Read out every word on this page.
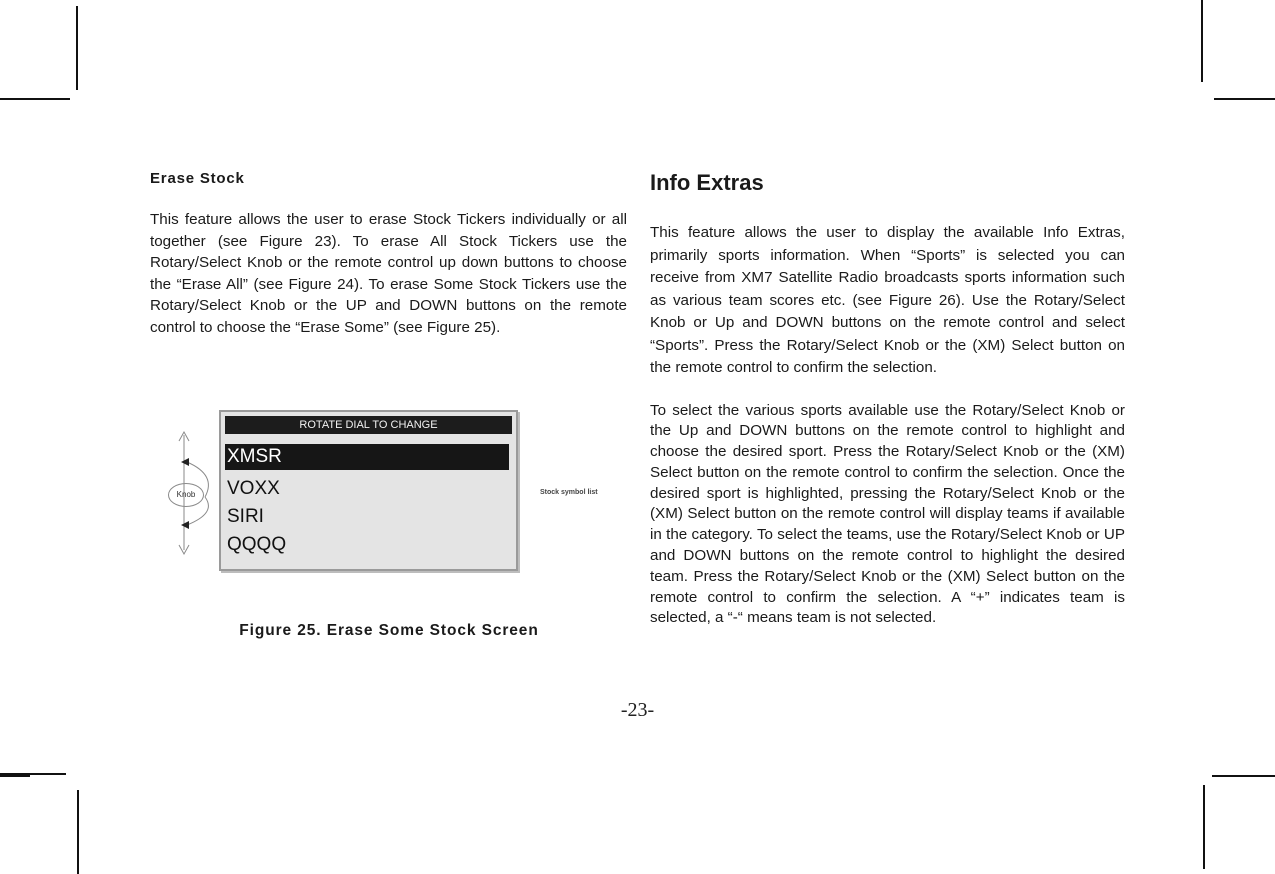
Erase Stock

This feature allows the user to erase Stock Tickers individually or all together (see Figure 23). To erase All Stock Tickers use the Rotary/Select Knob or the remote control up down buttons to choose the “Erase All” (see Figure 24). To erase Some Stock Tickers use the Rotary/Select Knob or the UP and DOWN buttons on the remote control to choose the “Erase Some” (see Figure 25).

Knob
ROTATE DIAL TO CHANGE
XMSR
VOXX
SIRI
QQQQ
Stock symbol list
Figure 25. Erase Some Stock Screen
Info Extras

This feature allows the user to display the available Info Extras, primarily sports information. When “Sports” is selected you can receive from XM7 Satellite Radio broadcasts sports information such as various team scores etc. (see Figure 26). Use the Rotary/Select Knob or Up and DOWN buttons on the remote control and select “Sports”. Press the Rotary/Select Knob or the (XM) Select button on the remote control to confirm the selection.

To select the various sports available use the Rotary/Select Knob or the Up and DOWN buttons on the remote control to highlight and choose the desired sport. Press the Rotary/Select Knob or the (XM) Select button on the remote control to confirm the selection. Once the desired sport is highlighted, pressing the Rotary/Select Knob or the (XM) Select button on the remote control will display teams if available in the category. To select the teams, use the Rotary/Select Knob or UP and DOWN buttons on the remote control to highlight the desired team. Press the Rotary/Select Knob or the (XM) Select button on the remote control to confirm the selection. A “+” indicates team is selected, a “-“ means team is not selected.

-23-
